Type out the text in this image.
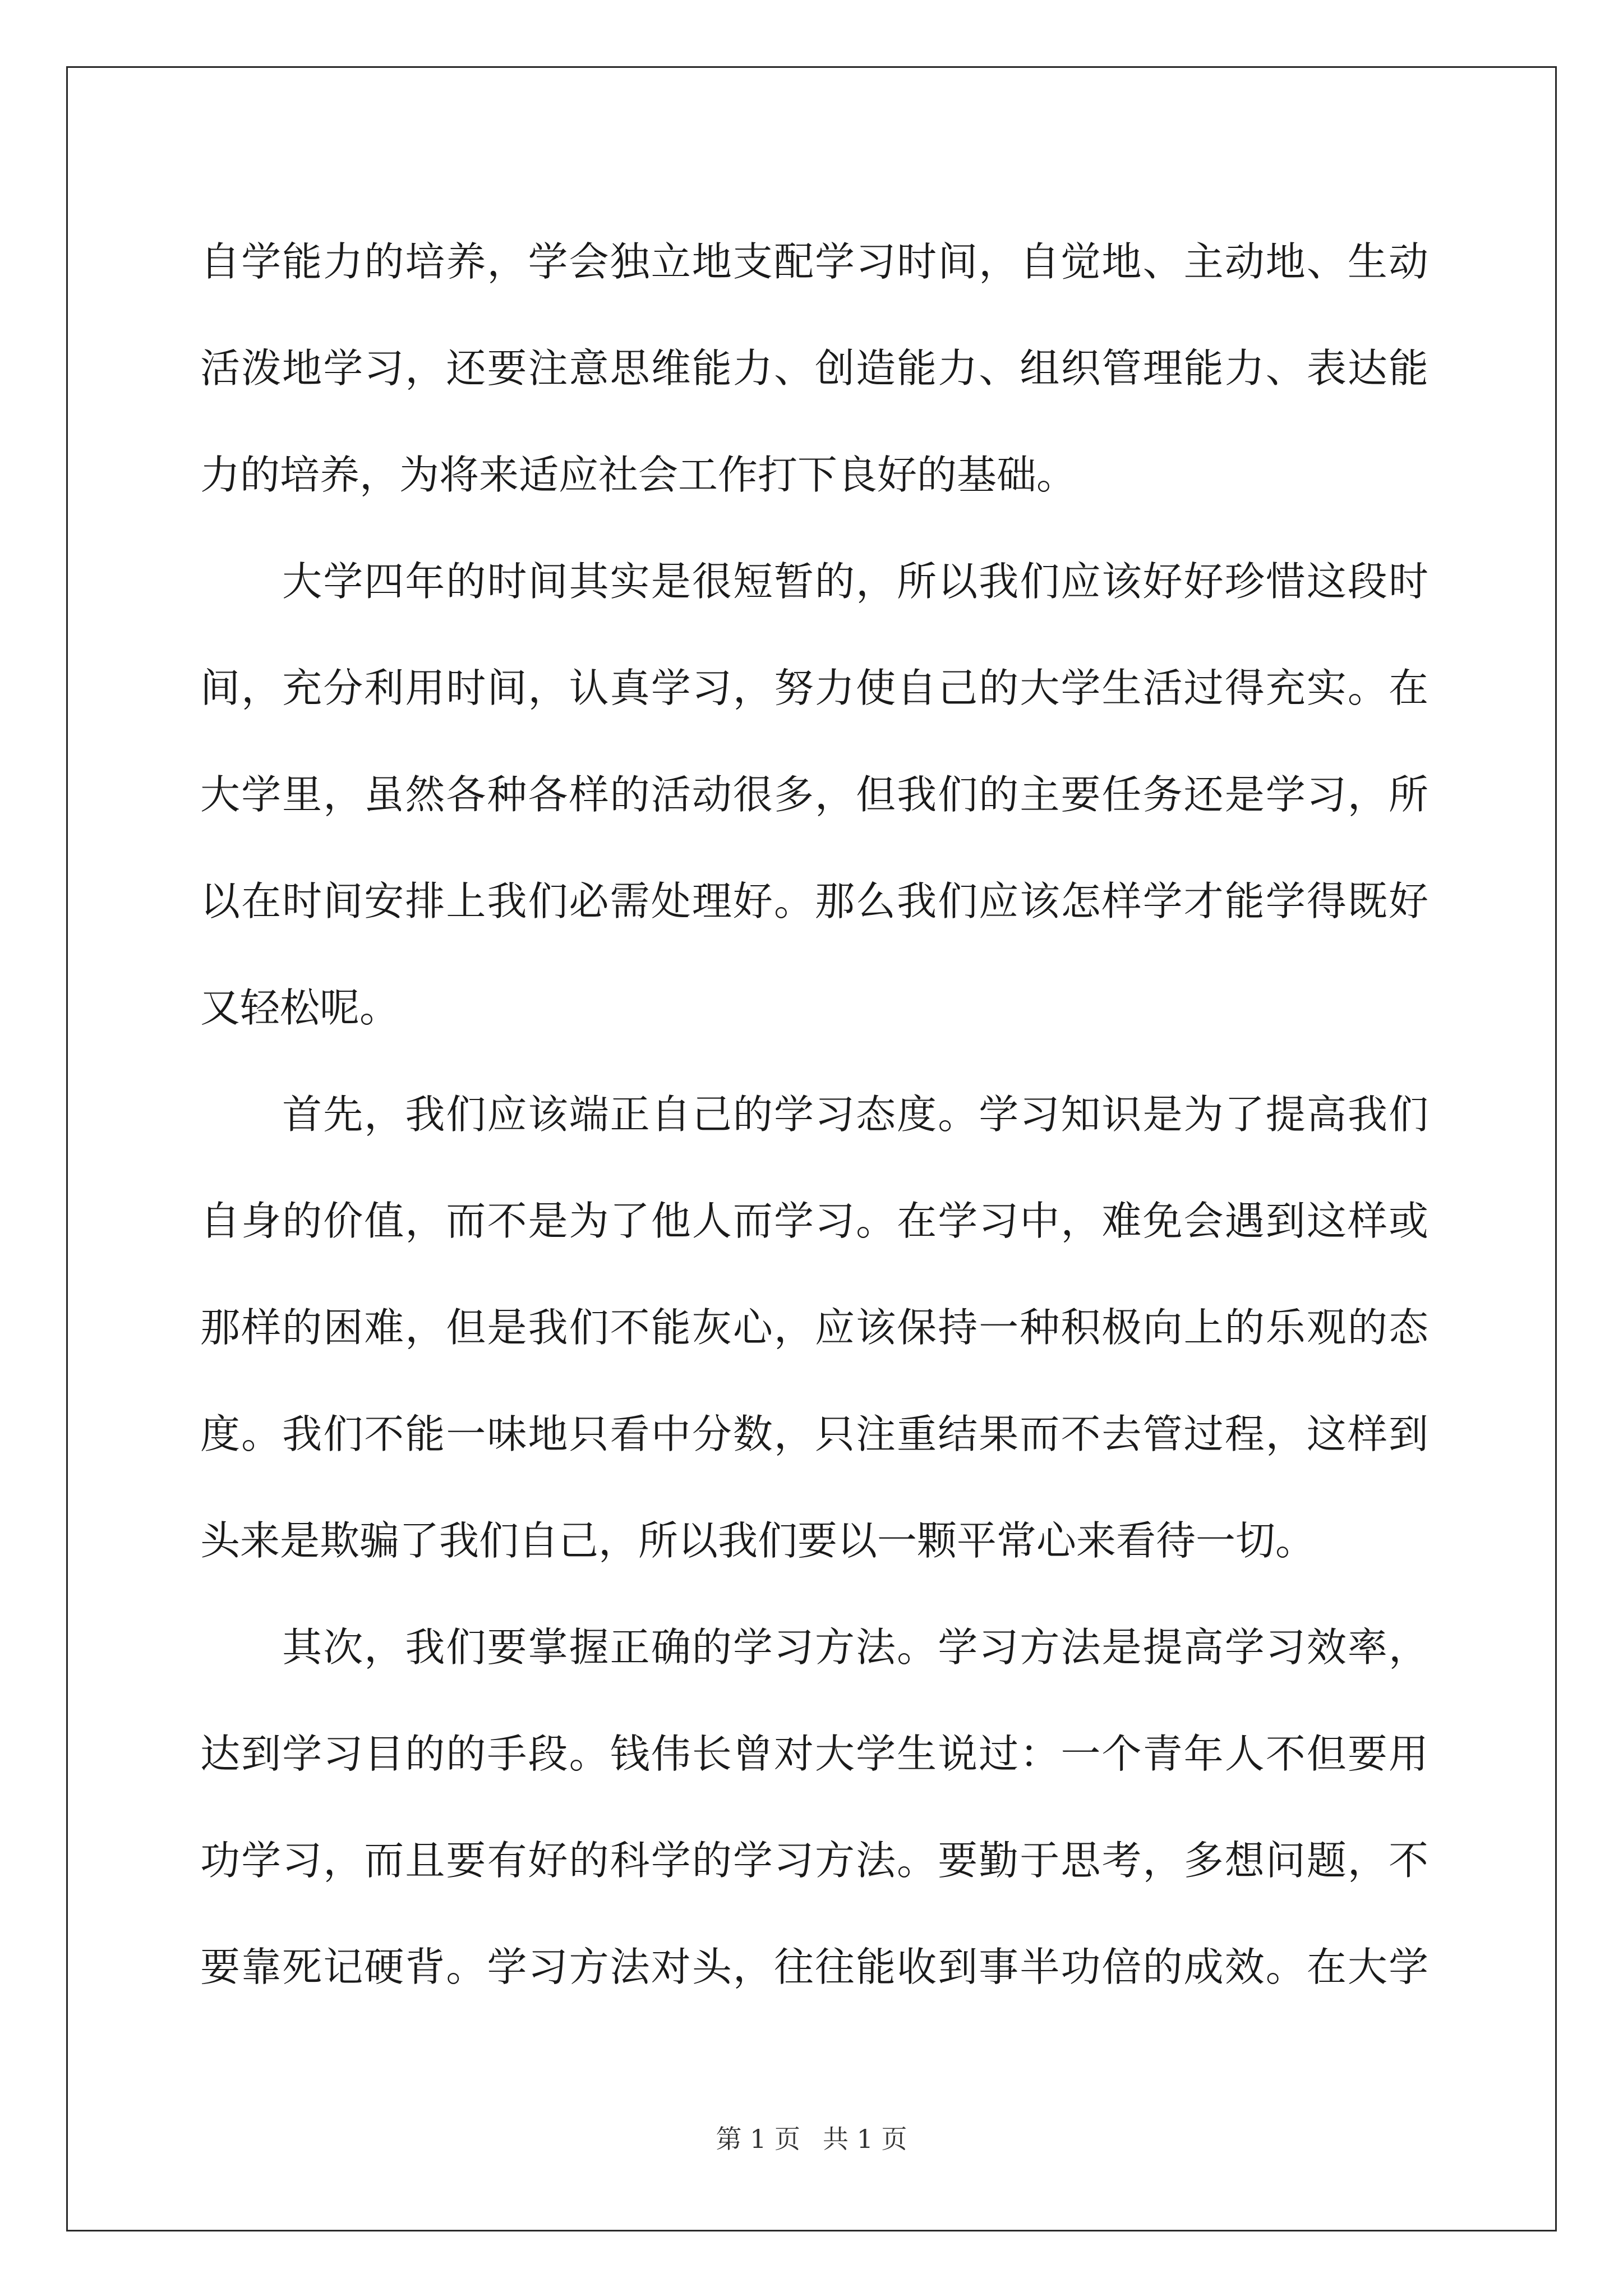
自学能力的培养，学会独立地支配学习时间，自觉地、主动地、生动
活泼地学习，还要注意思维能力、创造能力、组织管理能力、表达能
力的培养，为将来适应社会工作打下良好的基础。
　　大学四年的时间其实是很短暂的，所以我们应该好好珍惜这段时
间，充分利用时间，认真学习，努力使自己的大学生活过得充实。在
大学里，虽然各种各样的活动很多，但我们的主要任务还是学习，所
以在时间安排上我们必需处理好。那么我们应该怎样学才能学得既好
又轻松呢。
　　首先，我们应该端正自己的学习态度。学习知识是为了提高我们
自身的价值，而不是为了他人而学习。在学习中，难免会遇到这样或
那样的困难，但是我们不能灰心，应该保持一种积极向上的乐观的态
度。我们不能一味地只看中分数，只注重结果而不去管过程，这样到
头来是欺骗了我们自己，所以我们要以一颗平常心来看待一切。
　　其次，我们要掌握正确的学习方法。学习方法是提高学习效率，
达到学习目的的手段。钱伟长曾对大学生说过：一个青年人不但要用
功学习，而且要有好的科学的学习方法。要勤于思考，多想问题，不
要靠死记硬背。学习方法对头，往往能收到事半功倍的成效。在大学
第 1 页 共 1 页
